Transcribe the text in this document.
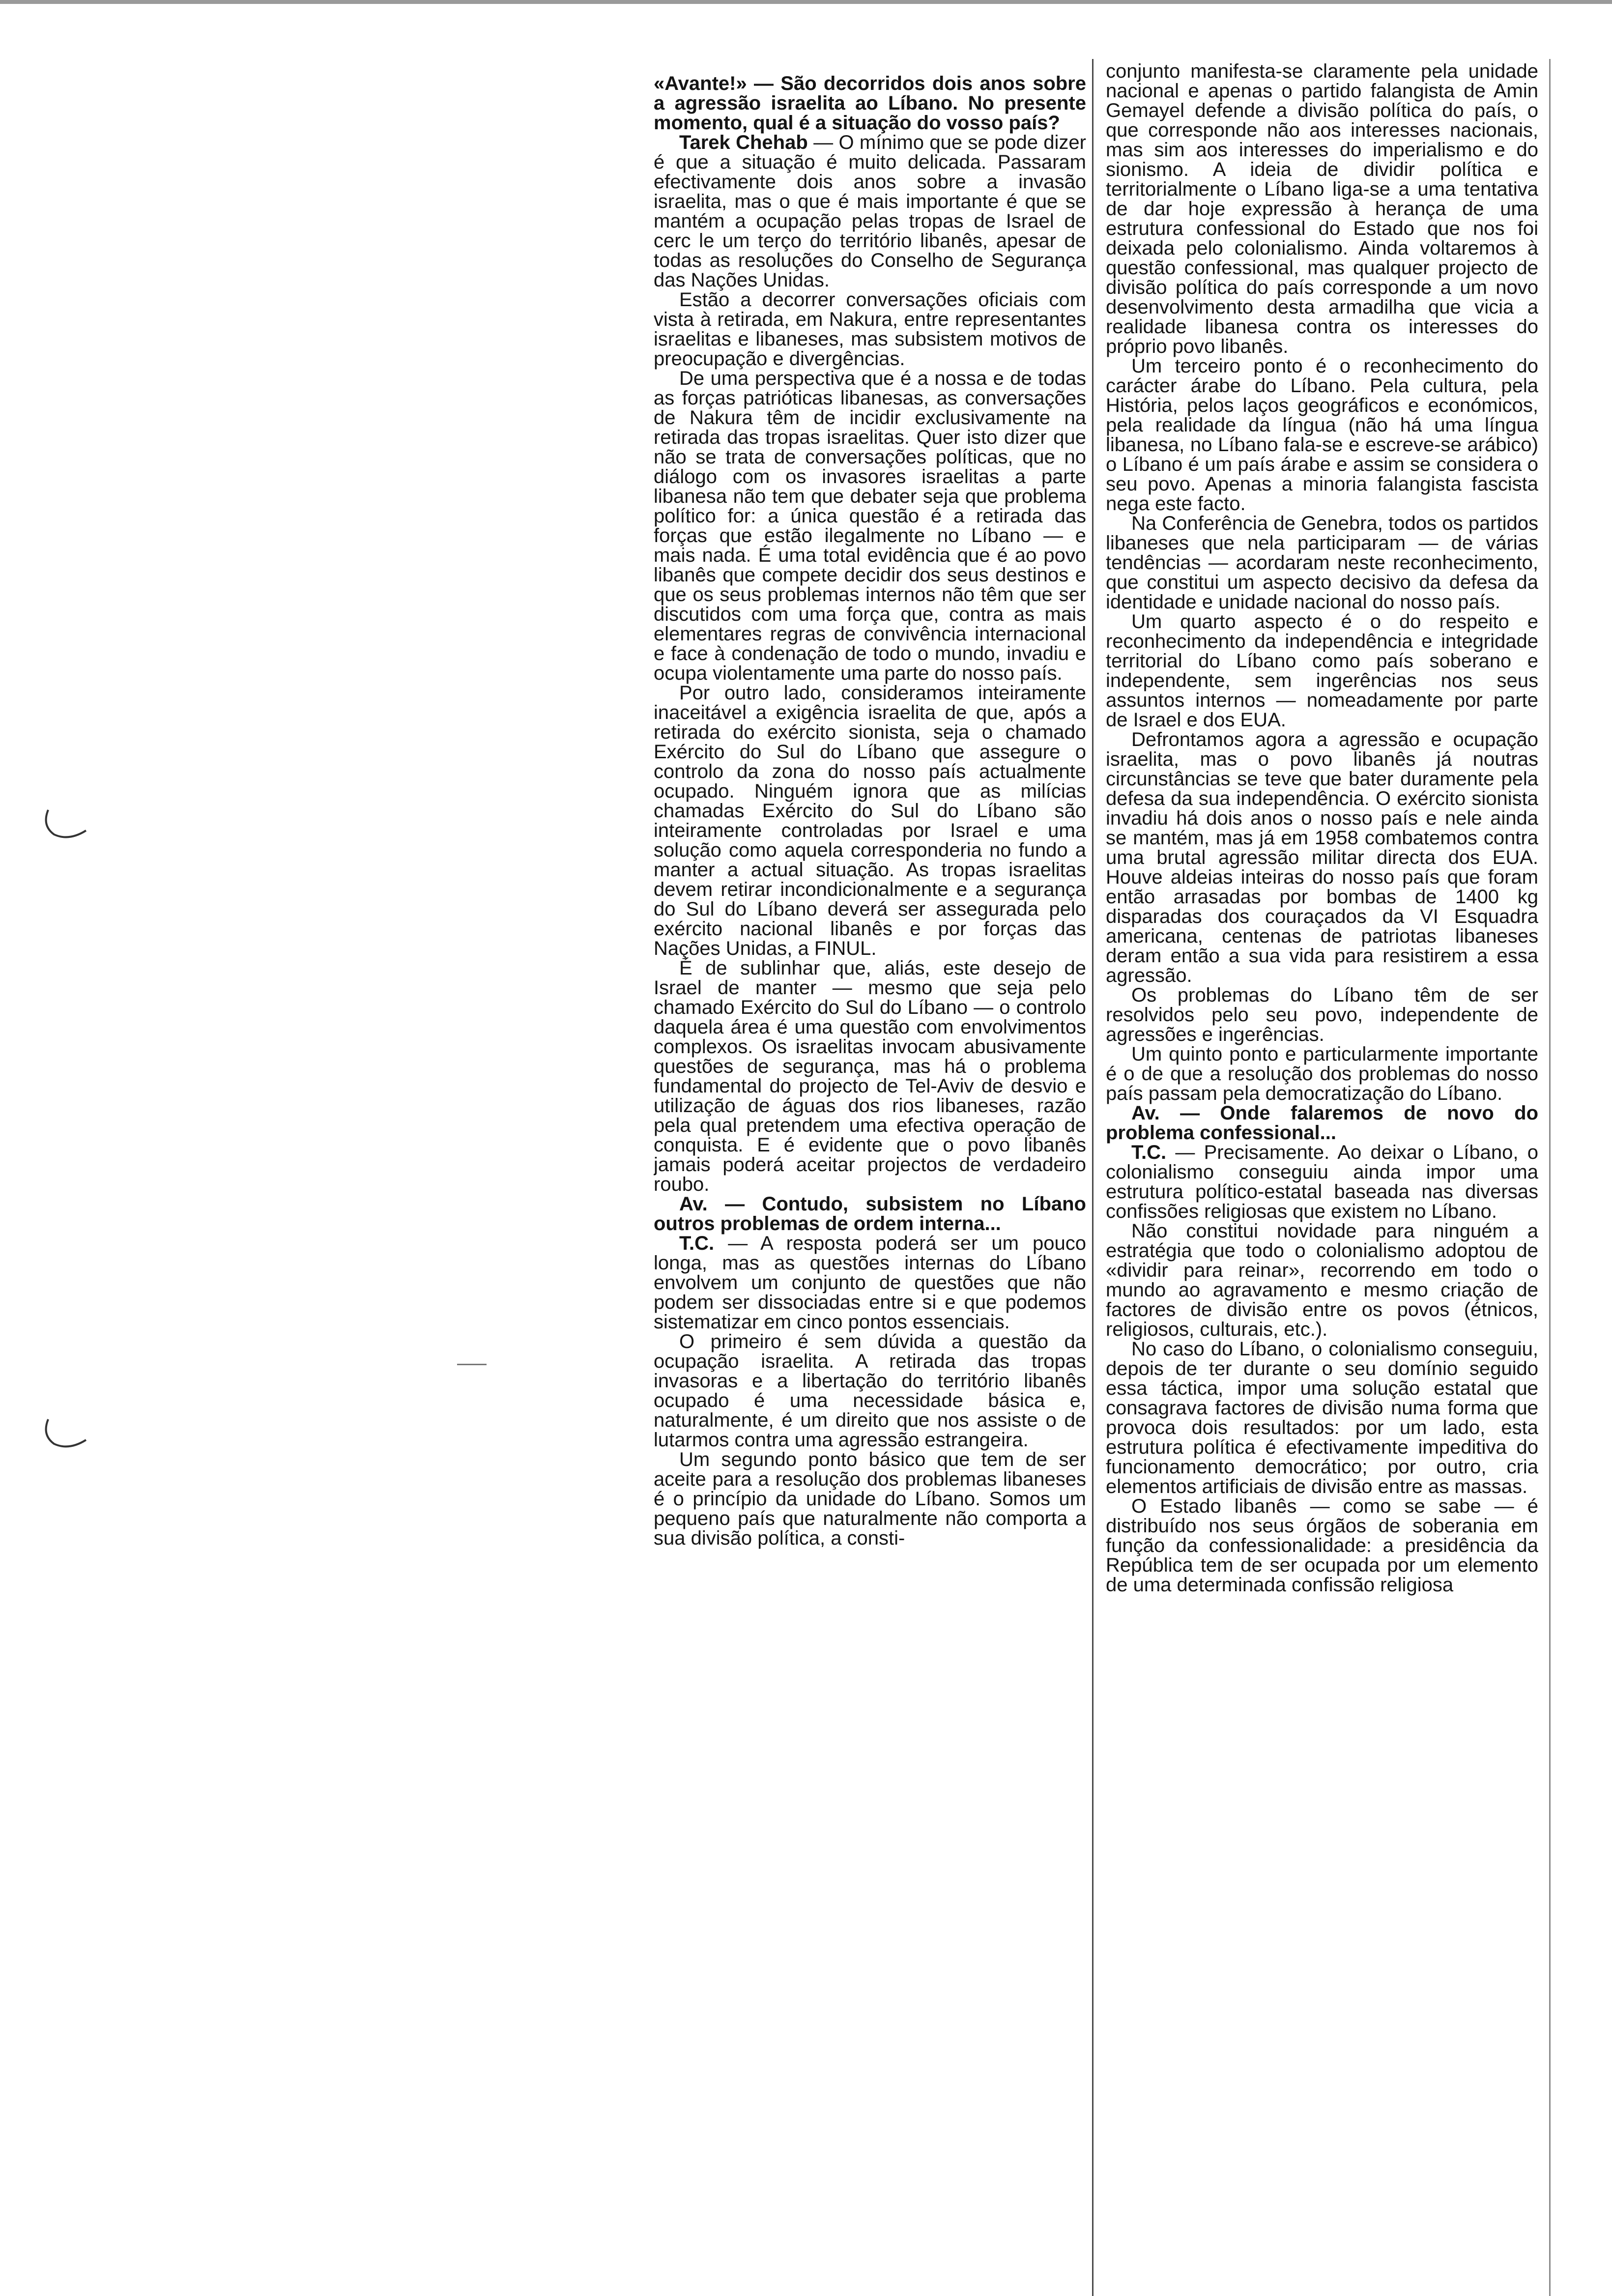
«Avante!» — São decorridos dois anos sobre a agressão israelita ao Líbano. No presente momento, qual é a situação do vosso país?

Tarek Chehab — O mínimo que se pode dizer é que a situação é muito delicada. Passaram efectivamente dois anos sobre a invasão israelita, mas o que é mais importante é que se mantém a ocupação pelas tropas de Israel de cerc le um terço do território libanês, apesar de todas as resoluções do Conselho de Segurança das Nações Unidas.

Estão a decorrer conversações oficiais com vista à retirada, em Nakura, entre representantes israelitas e libaneses, mas subsistem motivos de preocupação e divergências.

De uma perspectiva que é a nossa e de todas as forças patrióticas libanesas, as conversações de Nakura têm de incidir exclusivamente na retirada das tropas israelitas. Quer isto dizer que não se trata de conversações políticas, que no diálogo com os invasores israelitas a parte libanesa não tem que debater seja que problema político for: a única questão é a retirada das forças que estão ilegalmente no Líbano — e mais nada. É uma total evidência que é ao povo libanês que compete decidir dos seus destinos e que os seus problemas internos não têm que ser discutidos com uma força que, contra as mais elementares regras de convivência internacional e face à condenação de todo o mundo, invadiu e ocupa violentamente uma parte do nosso país.

Por outro lado, consideramos inteiramente inaceitável a exigência israelita de que, após a retirada do exército sionista, seja o chamado Exército do Sul do Líbano que assegure o controlo da zona do nosso país actualmente ocupado. Ninguém ignora que as milícias chamadas Exército do Sul do Líbano são inteiramente controladas por Israel e uma solução como aquela corresponderia no fundo a manter a actual situação. As tropas israelitas devem retirar incondicionalmente e a segurança do Sul do Líbano deverá ser assegurada pelo exército nacional libanês e por forças das Nações Unidas, a FINUL.

É de sublinhar que, aliás, este desejo de Israel de manter — mesmo que seja pelo chamado Exército do Sul do Líbano — o controlo daquela área é uma questão com envolvimentos complexos. Os israelitas invocam abusivamente questões de segurança, mas há o problema fundamental do projecto de Tel-Aviv de desvio e utilização de águas dos rios libaneses, razão pela qual pretendem uma efectiva operação de conquista. E é evidente que o povo libanês jamais poderá aceitar projectos de verdadeiro roubo.

Av. — Contudo, subsistem no Líbano outros problemas de ordem interna...

T.C. — A resposta poderá ser um pouco longa, mas as questões internas do Líbano envolvem um conjunto de questões que não podem ser dissociadas entre si e que podemos sistematizar em cinco pontos essenciais.

O primeiro é sem dúvida a questão da ocupação israelita. A retirada das tropas invasoras e a libertação do território libanês ocupado é uma necessidade básica e, naturalmente, é um direito que nos assiste o de lutarmos contra uma agressão estrangeira.

Um segundo ponto básico que tem de ser aceite para a resolução dos problemas libaneses é o princípio da unidade do Líbano. Somos um pequeno país que naturalmente não comporta a sua divisão política, a consti-

conjunto manifesta-se claramente pela unidade nacional e apenas o partido falangista de Amin Gemayel defende a divisão política do país, o que corresponde não aos interesses nacionais, mas sim aos interesses do imperialismo e do sionismo. A ideia de dividir política e territorialmente o Líbano liga-se a uma tentativa de dar hoje expressão à herança de uma estrutura confessional do Estado que nos foi deixada pelo colonialismo. Ainda voltaremos à questão confessional, mas qualquer projecto de divisão política do país corresponde a um novo desenvolvimento desta armadilha que vicia a realidade libanesa contra os interesses do próprio povo libanês.

Um terceiro ponto é o reconhecimento do carácter árabe do Líbano. Pela cultura, pela História, pelos laços geográficos e económicos, pela realidade da língua (não há uma língua libanesa, no Líbano fala-se e escreve-se arábico) o Líbano é um país árabe e assim se considera o seu povo. Apenas a minoria falangista fascista nega este facto.

Na Conferência de Genebra, todos os partidos libaneses que nela participaram — de várias tendências — acordaram neste reconhecimento, que constitui um aspecto decisivo da defesa da identidade e unidade nacional do nosso país.

Um quarto aspecto é o do respeito e reconhecimento da independência e integridade territorial do Líbano como país soberano e independente, sem ingerências nos seus assuntos internos — nomeadamente por parte de Israel e dos EUA.

Defrontamos agora a agressão e ocupação israelita, mas o povo libanês já noutras circunstâncias se teve que bater duramente pela defesa da sua independência. O exército sionista invadiu há dois anos o nosso país e nele ainda se mantém, mas já em 1958 combatemos contra uma brutal agressão militar directa dos EUA. Houve aldeias inteiras do nosso país que foram então arrasadas por bombas de 1400 kg disparadas dos couraçados da VI Esquadra americana, centenas de patriotas libaneses deram então a sua vida para resistirem a essa agressão.

Os problemas do Líbano têm de ser resolvidos pelo seu povo, independente de agressões e ingerências.

Um quinto ponto e particularmente importante é o de que a resolução dos problemas do nosso país passam pela democratização do Líbano.

Av. — Onde falaremos de novo do problema confessional...

T.C. — Precisamente. Ao deixar o Líbano, o colonialismo conseguiu ainda impor uma estrutura político-estatal baseada nas diversas confissões religiosas que existem no Líbano.

Não constitui novidade para ninguém a estratégia que todo o colonialismo adoptou de «dividir para reinar», recorrendo em todo o mundo ao agravamento e mesmo criação de factores de divisão entre os povos (étnicos, religiosos, culturais, etc.).

No caso do Líbano, o colonialismo conseguiu, depois de ter durante o seu domínio seguido essa táctica, impor uma solução estatal que consagrava factores de divisão numa forma que provoca dois resultados: por um lado, esta estrutura política é efectivamente impeditiva do funcionamento democrático; por outro, cria elementos artificiais de divisão entre as massas.

O Estado libanês — como se sabe — é distribuído nos seus órgãos de soberania em função da confessionalidade: a presidência da República tem de ser ocupada por um elemento de uma determinada confissão religiosa
